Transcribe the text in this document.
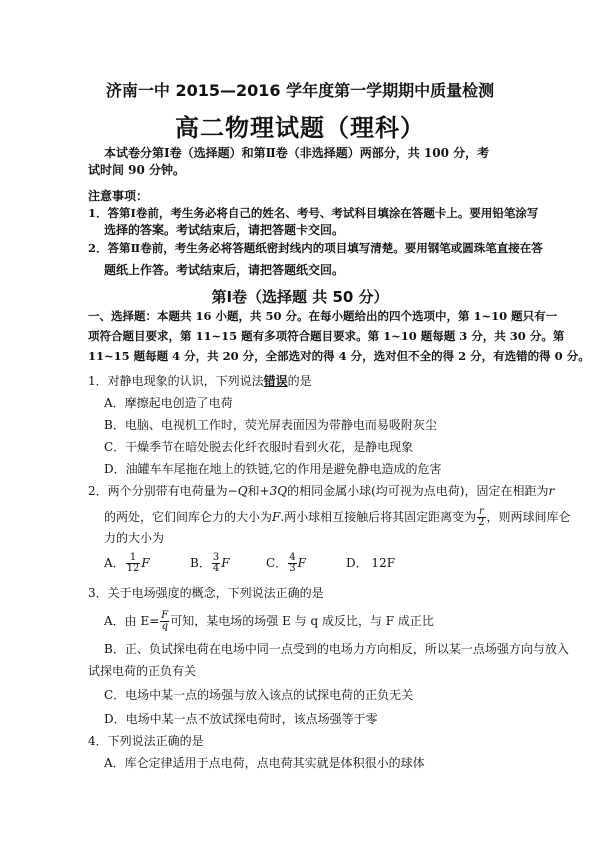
济南一中 2015—2016 学年度第一学期期中质量检测
高二物理试题（理科）
本试卷分第Ⅰ卷（选择题）和第Ⅱ卷（非选择题）两部分，共 100 分，考
试时间 90 分钟。
注意事项：
1．答第Ⅰ卷前，考生务必将自己的姓名、考号、考试科目填涂在答题卡上。要用铅笔涂写
选择的答案。考试结束后，请把答题卡交回。
2．答第Ⅱ卷前，考生务必将答题纸密封线内的项目填写清楚。要用钢笔或圆珠笔直接在答
题纸上作答。考试结束后，请把答题纸交回。
第Ⅰ卷（选择题 共 50 分）
一、选择题：本题共 16 小题，共 50 分。在每小题给出的四个选项中，第 1~10 题只有一
项符合题目要求，第 11~15 题有多项符合题目要求。第 1~10 题每题 3 分，共 30 分。第
11~15 题每题 4 分，共 20 分，全部选对的得 4 分，选对但不全的得 2 分，有选错的得 0 分。
1．对静电现象的认识，下列说法错误的是
A．摩擦起电创造了电荷
B．电脑、电视机工作时，荧光屏表面因为带静电而易吸附灰尘
C．干燥季节在暗处脱去化纤衣服时看到火花，是静电现象
D．油罐车车尾拖在地上的铁链,它的作用是避免静电造成的危害
2．两个分别带有电荷量为−Q和+3Q的相同金属小球(均可视为点电荷)，固定在相距为r
的两处，它们间库仑力的大小为F.两小球相互接触后将其固定距离变为 $\frac{r}{2}$ ，则两球间库仑
力的大小为
A． $\frac{1}{12}$ F	B． $\frac{3}{4}$ F	C． $\frac{4}{3}$ F	D． 12F
3．关于电场强度的概念，下列说法正确的是
A．由 $E= \frac{F}{q}$ 可知，某电场的场强 E 与 q 成反比，与 F 成正比
B．正、负试探电荷在电场中同一点受到的电场力方向相反，所以某一点场强方向与放入
试探电荷的正负有关
C．电场中某一点的场强与放入该点的试探电荷的正负无关
D．电场中某一点不放试探电荷时，该点场强等于零
4．下列说法正确的是
A．库仑定律适用于点电荷，点电荷其实就是体积很小的球体
